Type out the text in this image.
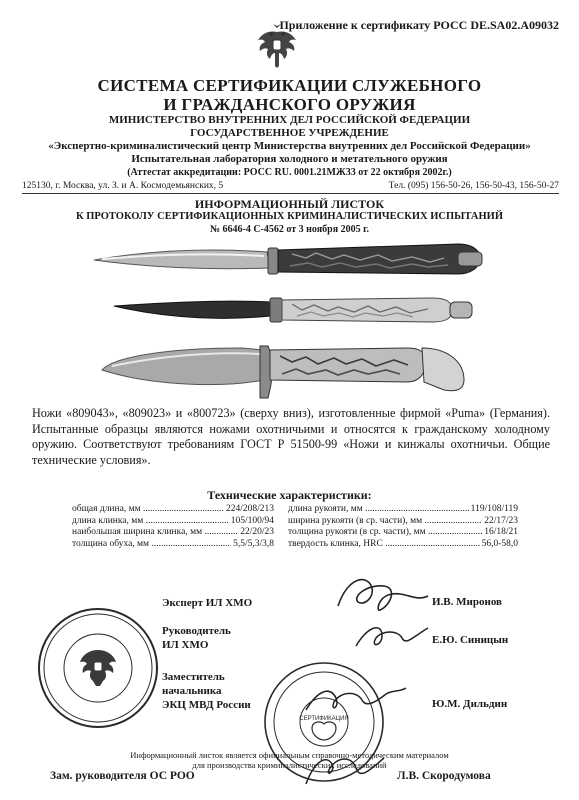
Приложение к сертификату РОСС DE.SA02.A09032
СИСТЕМА СЕРТИФИКАЦИИ СЛУЖЕБНОГО
И ГРАЖДАНСКОГО ОРУЖИЯ
МИНИСТЕРСТВО ВНУТРЕННИХ ДЕЛ РОССИЙСКОЙ ФЕДЕРАЦИИ
ГОСУДАРСТВЕННОЕ УЧРЕЖДЕНИЕ
«Экспертно-криминалистический центр Министерства внутренних дел Российской Федерации»
Испытательная лаборатория холодного и метательного оружия
(Аттестат аккредитации: РОСС RU. 0001.21МЖ33 от 22 октября 2002г.)
125130, г. Москва, ул. З. и А. Космодемьянских, 5	Тел. (095) 156-50-26, 156-50-43, 156-50-27
ИНФОРМАЦИОННЫЙ ЛИСТОК
К ПРОТОКОЛУ СЕРТИФИКАЦИОННЫХ КРИМИНАЛИСТИЧЕСКИХ ИСПЫТАНИЙ
№ 6646-4 С-4562 от 3 ноября 2005 г.
Ножи «809043», «809023» и «800723» (сверху вниз), изготовленные фирмой «Puma» (Германия). Испытанные образцы являются ножами охотничьими и относятся к гражданскому холодному оружию. Соответствуют требованиям ГОСТ Р 51500-99 «Ножи и кинжалы охотничьи. Общие технические условия».
Технические характеристики:
общая длина, мм .....	224/208/213
длина клинка, мм .....	105/100/94
наибольшая ширина клинка, мм .....	22/20/23
толщина обуха, мм .....	5,5/5,3/3,8
длина рукояти, мм .....	119/108/119
ширина рукояти (в ср. части), мм .....	22/17/23
толщина рукояти (в ср. части), мм .....	16/18/21
твердость клинка, HRC .....	56,0-58,0
Эксперт ИЛ ХМО	И.В. Миронов
Руководитель
ИЛ ХМО	Е.Ю. Синицын
Заместитель
начальника
ЭКЦ МВД России	Ю.М. Дильдин
СЕРТИФИКАЦИЯ
Информационный листок является официальным справочно-методическим материалом
для производства криминалистических исследований
Зам. руководителя ОС РОО	Л.В. Скородумова
